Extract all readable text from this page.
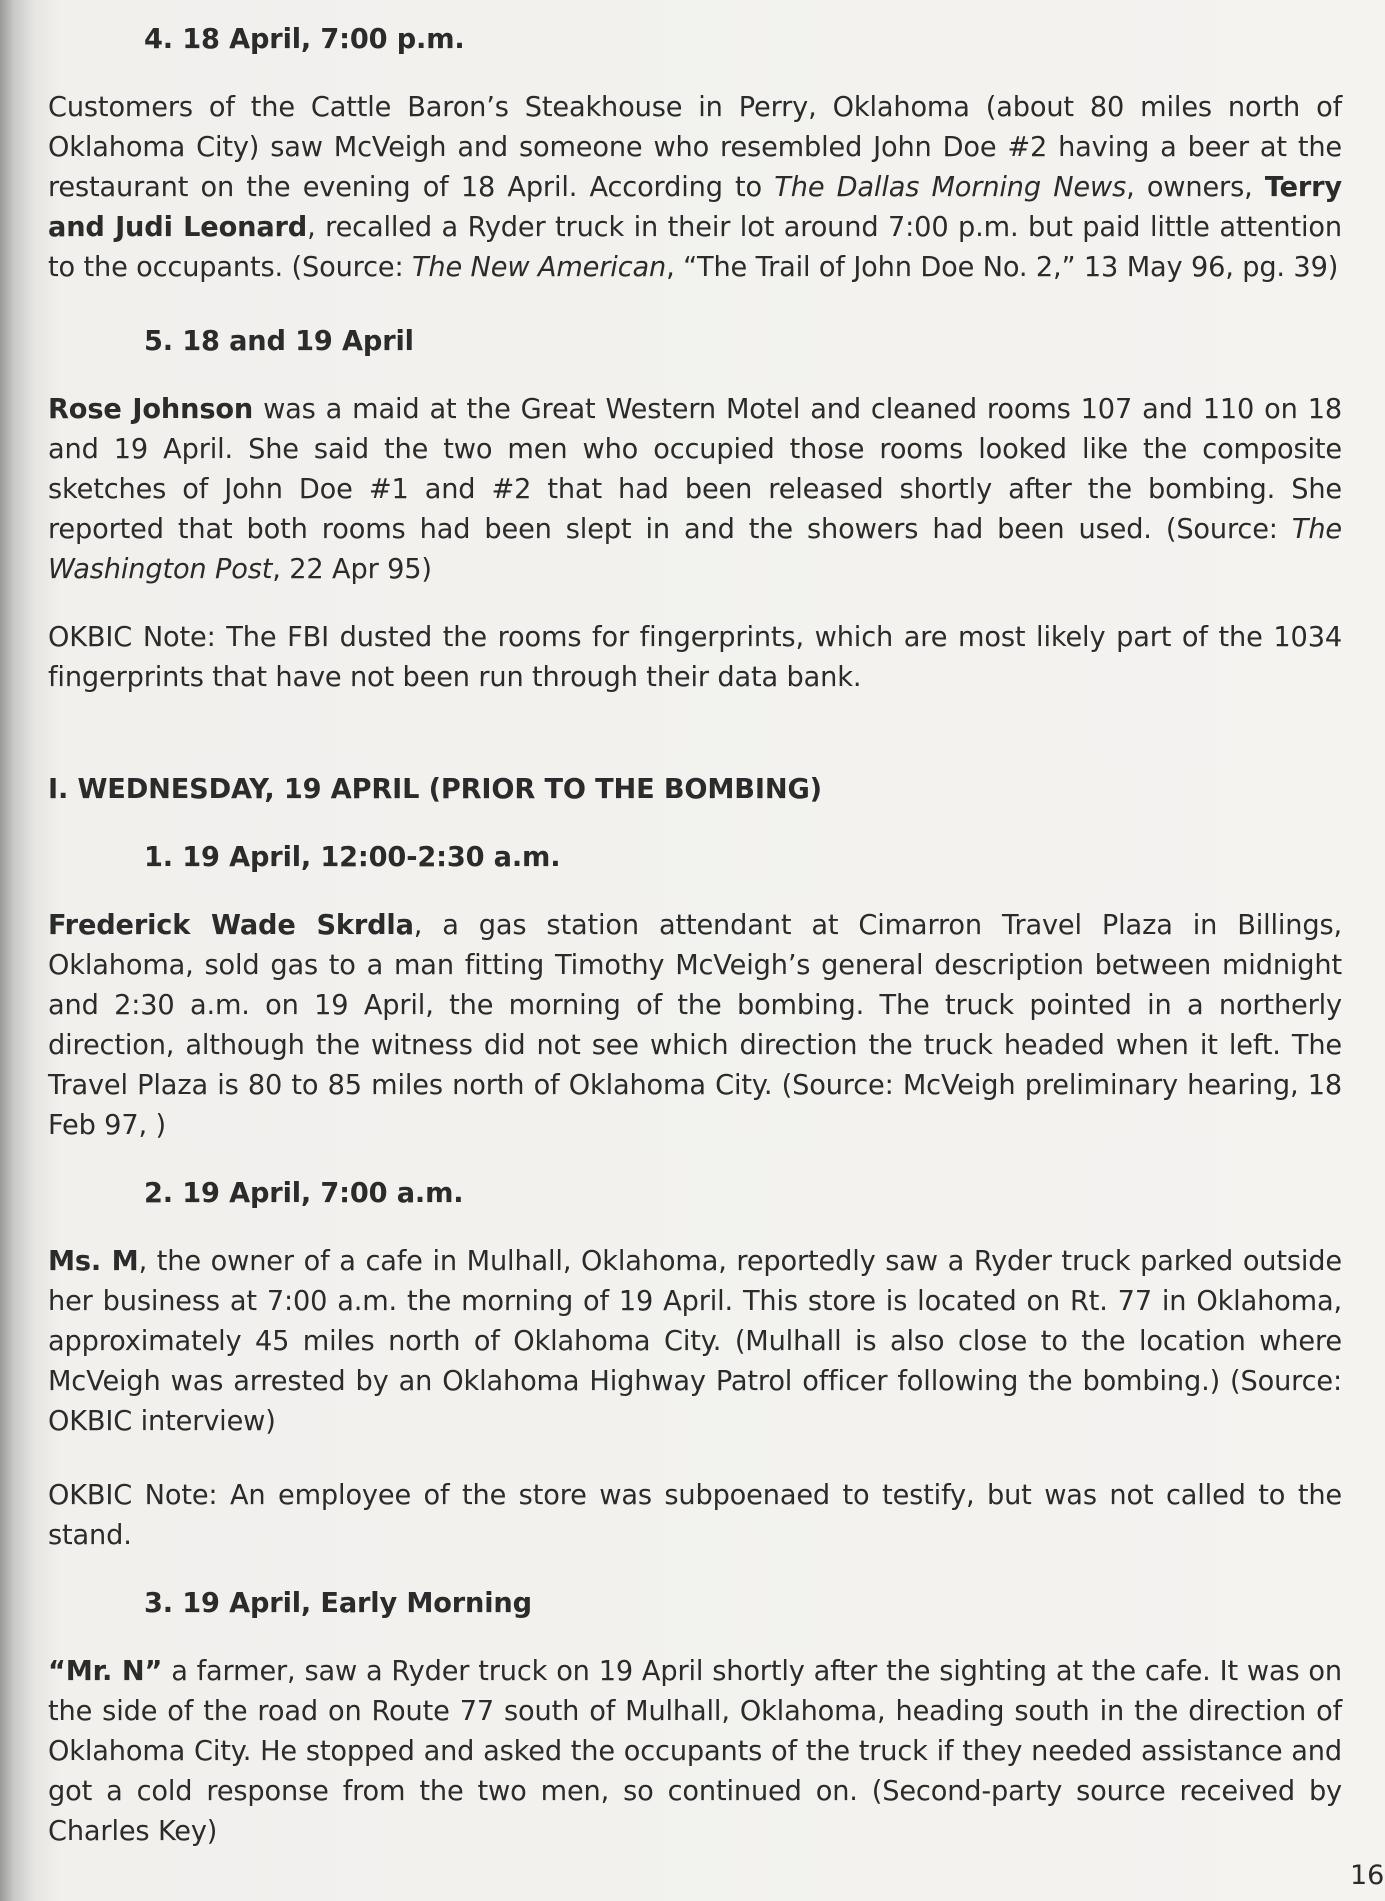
4. 18 April, 7:00 p.m.

Customers of the Cattle Baron’s Steakhouse in Perry, Oklahoma (about 80 miles north of Oklahoma City) saw McVeigh and someone who resembled John Doe #2 having a beer at the restaurant on the evening of 18 April. According to The Dallas Morning News, owners, Terry and Judi Leonard, recalled a Ryder truck in their lot around 7:00 p.m. but paid little attention to the occupants. (Source: The New American, “The Trail of John Doe No. 2,” 13 May 96, pg. 39)

5. 18 and 19 April

Rose Johnson was a maid at the Great Western Motel and cleaned rooms 107 and 110 on 18 and 19 April. She said the two men who occupied those rooms looked like the composite sketches of John Doe #1 and #2 that had been released shortly after the bombing. She reported that both rooms had been slept in and the showers had been used. (Source: The Washington Post, 22 Apr 95)

OKBIC Note: The FBI dusted the rooms for fingerprints, which are most likely part of the 1034 fingerprints that have not been run through their data bank.

I. WEDNESDAY, 19 APRIL (PRIOR TO THE BOMBING)
1. 19 April, 12:00-2:30 a.m.

Frederick Wade Skrdla, a gas station attendant at Cimarron Travel Plaza in Billings, Oklahoma, sold gas to a man fitting Timothy McVeigh’s general description between midnight and 2:30 a.m. on 19 April, the morning of the bombing. The truck pointed in a northerly direction, although the witness did not see which direction the truck headed when it left. The Travel Plaza is 80 to 85 miles north of Oklahoma City. (Source: McVeigh preliminary hearing, 18 Feb 97, )

2. 19 April, 7:00 a.m.

Ms. M, the owner of a cafe in Mulhall, Oklahoma, reportedly saw a Ryder truck parked outside her business at 7:00 a.m. the morning of 19 April. This store is located on Rt. 77 in Oklahoma, approximately 45 miles north of Oklahoma City. (Mulhall is also close to the location where McVeigh was arrested by an Oklahoma Highway Patrol officer following the bombing.) (Source: OKBIC interview)

OKBIC Note: An employee of the store was subpoenaed to testify, but was not called to the stand.

3. 19 April, Early Morning

“Mr. N” a farmer, saw a Ryder truck on 19 April shortly after the sighting at the cafe. It was on the side of the road on Route 77 south of Mulhall, Oklahoma, heading south in the direction of Oklahoma City. He stopped and asked the occupants of the truck if they needed assistance and got a cold response from the two men, so continued on. (Second-party source received by Charles Key)

16
